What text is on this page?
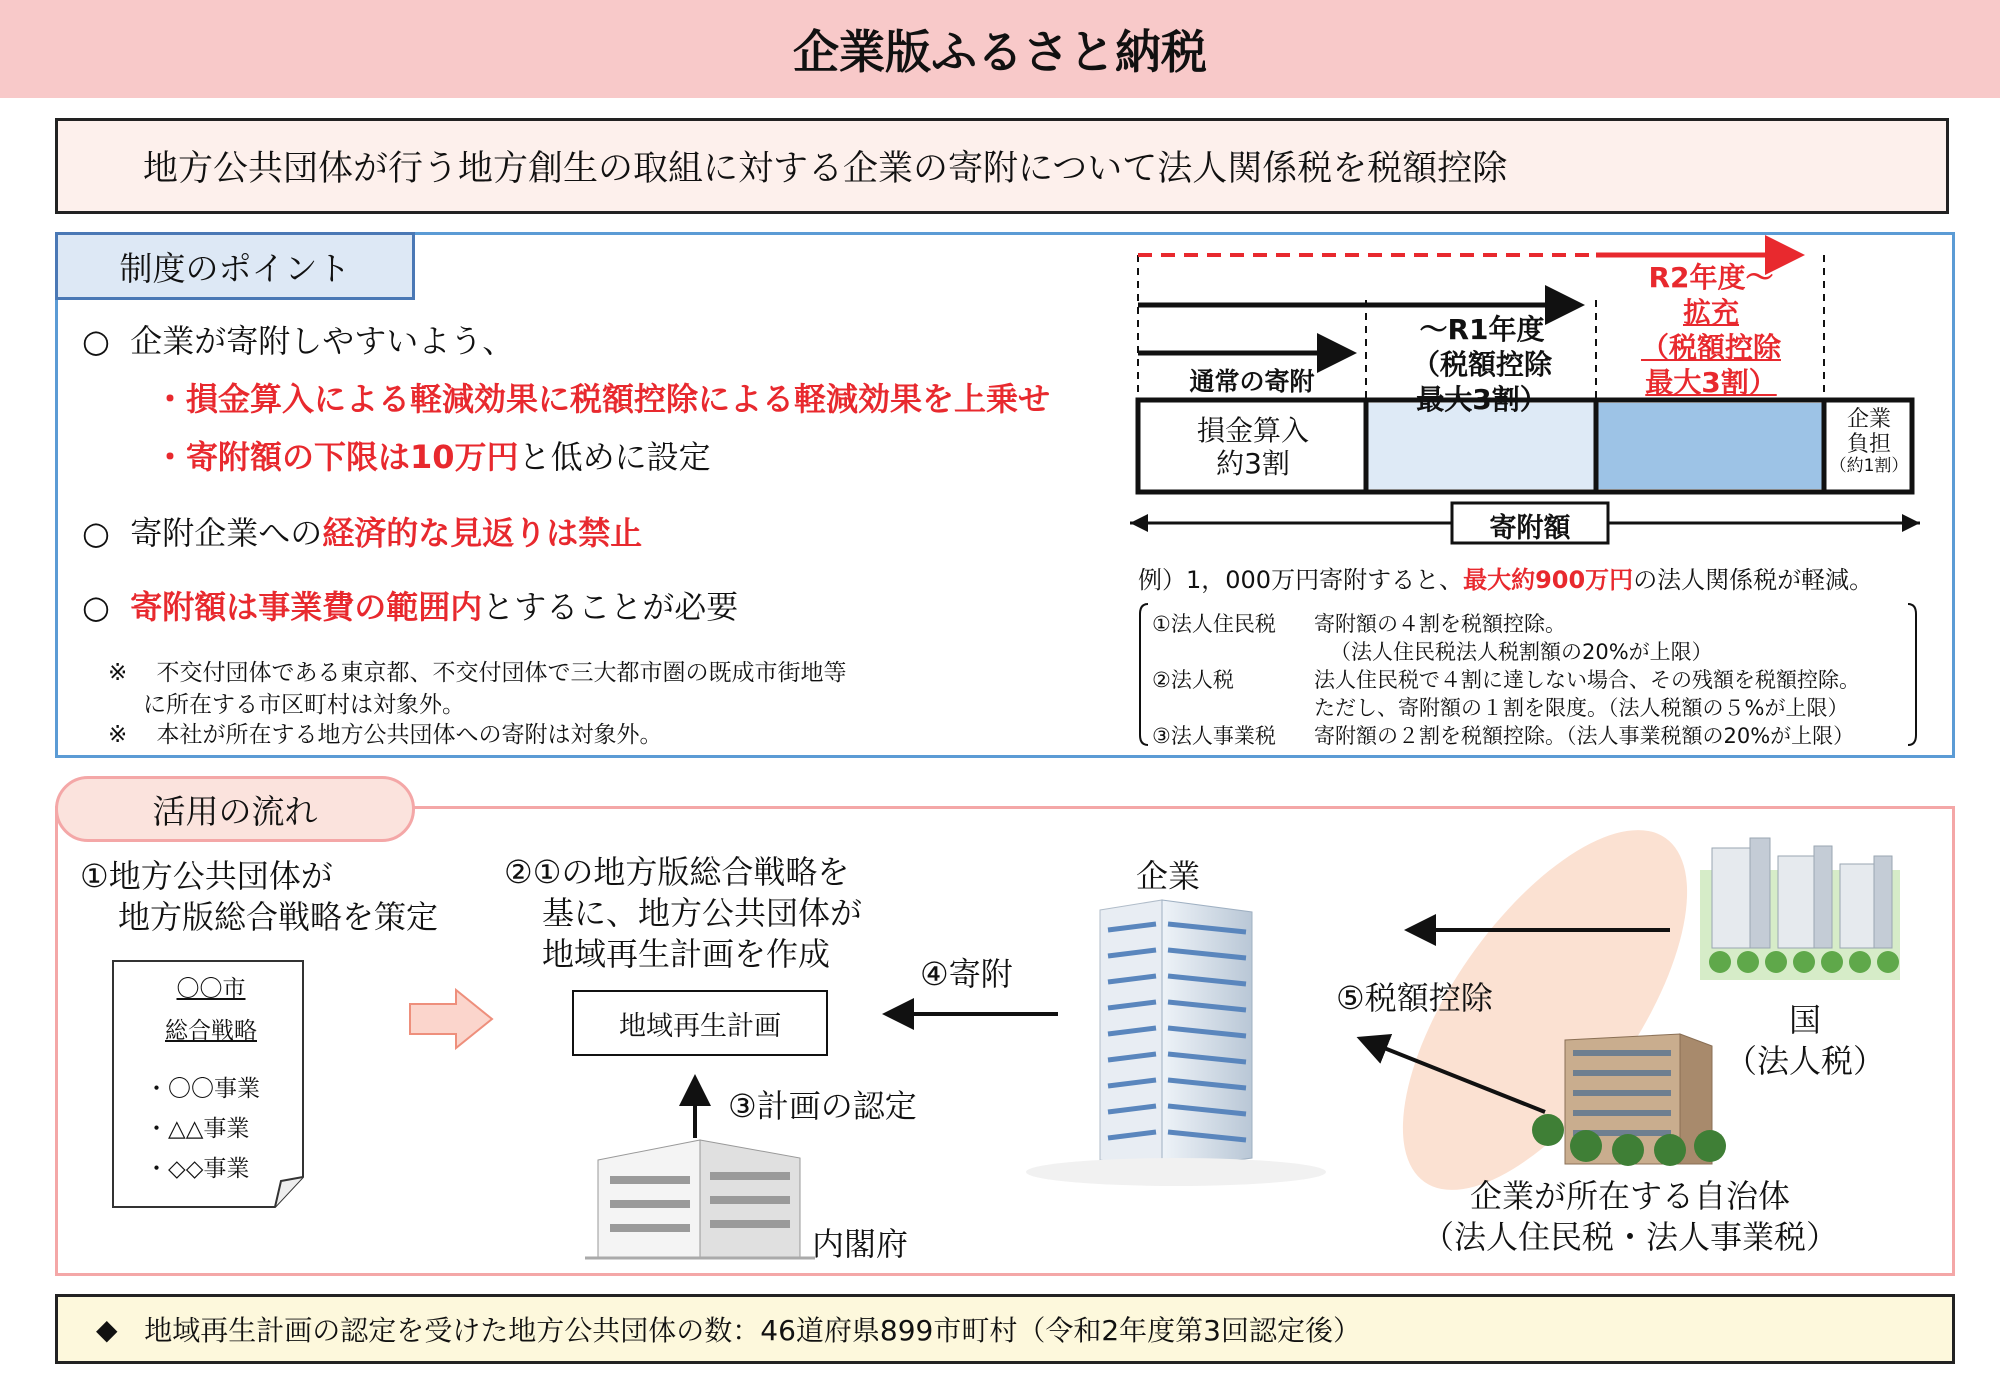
企業版ふるさと納税
地方公共団体が行う地方創生の取組に対する企業の寄附について法人関係税を税額控除
制度のポイント
○ 企業が寄附しやすいよう、
・損金算入による軽減効果に税額控除による軽減効果を上乗せ
・寄附額の下限は10万円と低めに設定
○ 寄附企業への経済的な見返りは禁止
○ 寄附額は事業費の範囲内とすることが必要
※ 不交付団体である東京都、不交付団体で三大都市圏の既成市街地等
に所在する市区町村は対象外。
※ 本社が所在する地方公共団体への寄附は対象外。
通常の寄附
～R1年度
（税額控除
最大3割）
R2年度～
拡充
（税額控除
最大3割）
損金算入
約3割
企業
負担
（約1割）
寄附額
例）1，000万円寄附すると、最大約900万円の法人関係税が軽減。
①法人住民税 寄附額の４割を税額控除。
（法人住民税法人税割額の20%が上限）
②法人税	法人住民税で４割に達しない場合、その残額を税額控除。
ただし、寄附額の１割を限度。（法人税額の５%が上限）
③法人事業税 寄附額の２割を税額控除。（法人事業税額の20%が上限）
活用の流れ
①地方公共団体が
地方版総合戦略を策定
〇〇市
総合戦略
・〇〇事業
・△△事業
・◇◇事業
②①の地方版総合戦略を
基に、地方公共団体が
地域再生計画を作成
地域再生計画
③計画の認定
内閣府
④寄附
企業
⑤税額控除
国
（法人税）
企業が所在する自治体
（法人住民税・法人事業税）
◆
地域再生計画の認定を受けた地方公共団体の数：46道府県899市町村（令和2年度第3回認定後）
